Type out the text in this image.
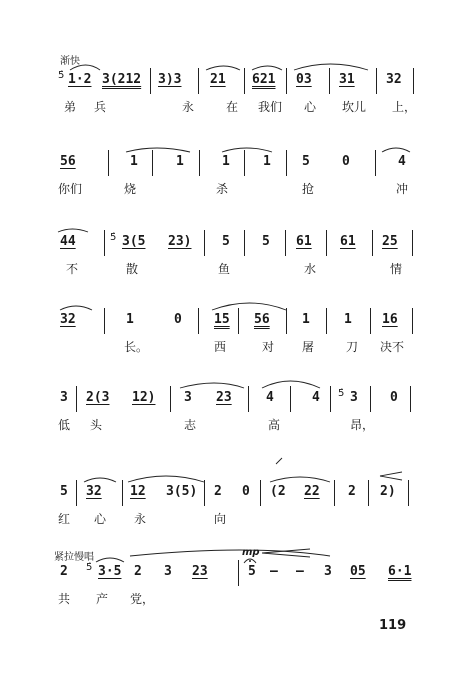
渐快
5̇ 1·2 3(212 3)3 21 621 03 31 32
弟 兵	永	在 我们 心 坎儿 上，
56	1	1	1	1 5 0	4
你们	烧	杀	抢	冲
44	5̇ 3(5 23) 5 5 61 61 25
不	散	鱼	水	情
32	1	0 15 56 1	1 16
长。	西	对 屠	刀 决不
3 2(3 12) 3 23	4	4 5̇ 3 0
低 头	志	高	昂，
5 32 12 3(5) 2 0 (2 22 2 2)
红 心 永	向
紧拉慢唱	mp
2 5̇ 3·5 2 3 23	5 — — 3 05 6·1
共 产 党，
119
